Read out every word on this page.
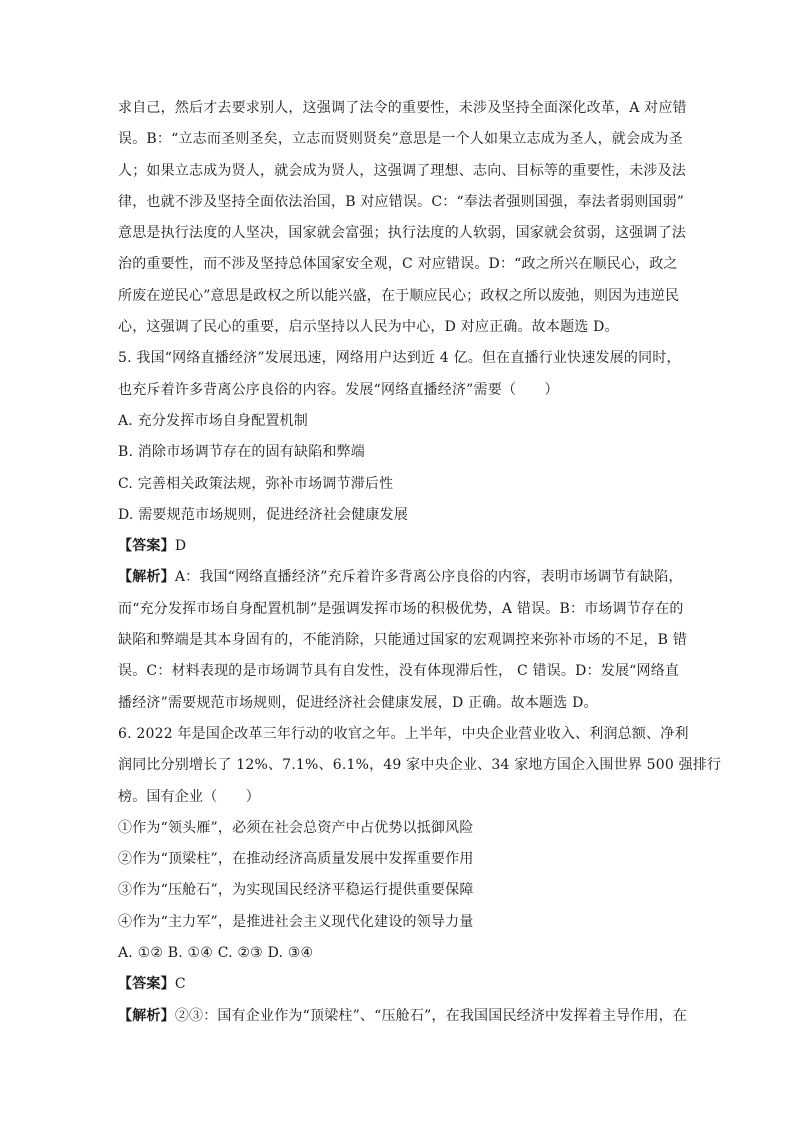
求自己，然后才去要求别人，这强调了法令的重要性，未涉及坚持全面深化改革，A 对应错
误。B：“立志而圣则圣矣，立志而贤则贤矣”意思是一个人如果立志成为圣人，就会成为圣
人；如果立志成为贤人，就会成为贤人，这强调了理想、志向、目标等的重要性，未涉及法
律，也就不涉及坚持全面依法治国，B 对应错误。C：“奉法者强则国强，奉法者弱则国弱”
意思是执行法度的人坚决，国家就会富强；执行法度的人软弱，国家就会贫弱，这强调了法
治的重要性，而不涉及坚持总体国家安全观，C 对应错误。D：“政之所兴在顺民心，政之
所废在逆民心”意思是政权之所以能兴盛，在于顺应民心；政权之所以废弛，则因为违逆民
心，这强调了民心的重要，启示坚持以人民为中心，D 对应正确。故本题选 D。
5. 我国“网络直播经济”发展迅速，网络用户达到近 4 亿。但在直播行业快速发展的同时，
也充斥着许多背离公序良俗的内容。发展“网络直播经济”需要（　　）
A. 充分发挥市场自身配置机制
B. 消除市场调节存在的固有缺陷和弊端
C. 完善相关政策法规，弥补市场调节滞后性
D. 需要规范市场规则，促进经济社会健康发展
【答案】D
【解析】A：我国“网络直播经济”充斥着许多背离公序良俗的内容，表明市场调节有缺陷，
而“充分发挥市场自身配置机制”是强调发挥市场的积极优势，A 错误。B：市场调节存在的
缺陷和弊端是其本身固有的，不能消除，只能通过国家的宏观调控来弥补市场的不足，B 错
误。C：材料表现的是市场调节具有自发性，没有体现滞后性， C 错误。D：发展“网络直
播经济”需要规范市场规则，促进经济社会健康发展，D 正确。故本题选 D。
6. 2022 年是国企改革三年行动的收官之年。上半年，中央企业营业收入、利润总额、净利
润同比分别增长了 12%、7.1%、6.1%，49 家中央企业、34 家地方国企入围世界 500 强排行
榜。国有企业（　　）
①作为“领头雁”，必须在社会总资产中占优势以抵御风险
②作为“顶梁柱”，在推动经济高质量发展中发挥重要作用
③作为“压舱石”，为实现国民经济平稳运行提供重要保障
④作为“主力军”，是推进社会主义现代化建设的领导力量
A. ①② B. ①④ C. ②③ D. ③④
【答案】C
【解析】②③：国有企业作为“顶梁柱”、“压舱石”，在我国国民经济中发挥着主导作用，在
